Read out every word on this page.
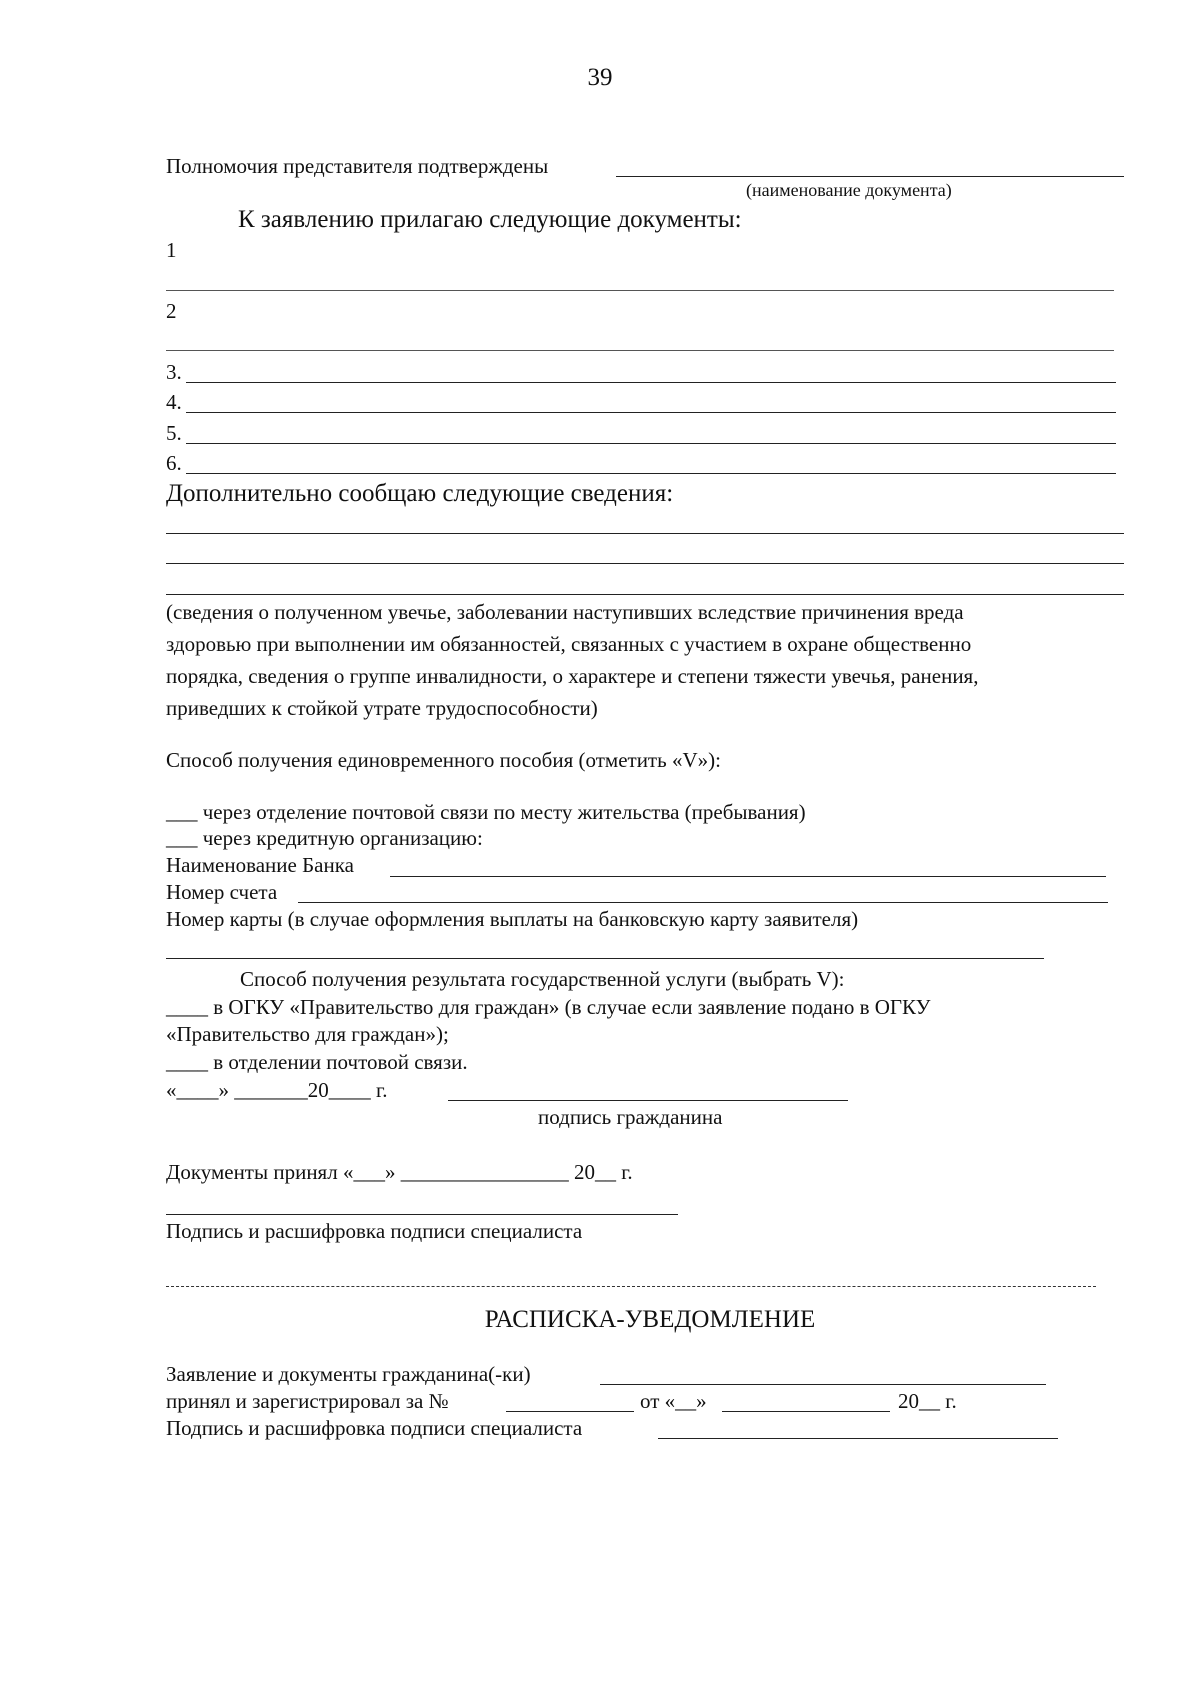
39
Полномочия представителя подтверждены
(наименование документа)
К заявлению прилагаю следующие документы:
1
2
3.
4.
5.
6.
Дополнительно сообщаю следующие сведения:
(сведения о полученном увечье, заболевании наступивших вследствие причинения вреда
здоровью при выполнении им обязанностей, связанных с участием в охране общественно
порядка, сведения о группе инвалидности, о характере и степени тяжести увечья, ранения,
приведших к стойкой утрате трудоспособности)
Способ получения единовременного пособия (отметить «V»):
___ через отделение почтовой связи по месту жительства (пребывания)
___ через кредитную организацию:
Наименование Банка
Номер счета
Номер карты (в случае оформления выплаты на банковскую карту заявителя)
Способ получения результата государственной услуги (выбрать V):
____ в ОГКУ «Правительство для граждан» (в случае если заявление подано в ОГКУ
«Правительство для граждан»);
____ в отделении почтовой связи.
«____» _______20____ г.
подпись гражданина
Документы принял «___» ________________ 20__ г.
Подпись и расшифровка подписи специалиста
РАСПИСКА-УВЕДОМЛЕНИЕ
Заявление и документы гражданина(-ки)
принял и зарегистрировал за №	от «__»	20__ г.
Подпись и расшифровка подписи специалиста
